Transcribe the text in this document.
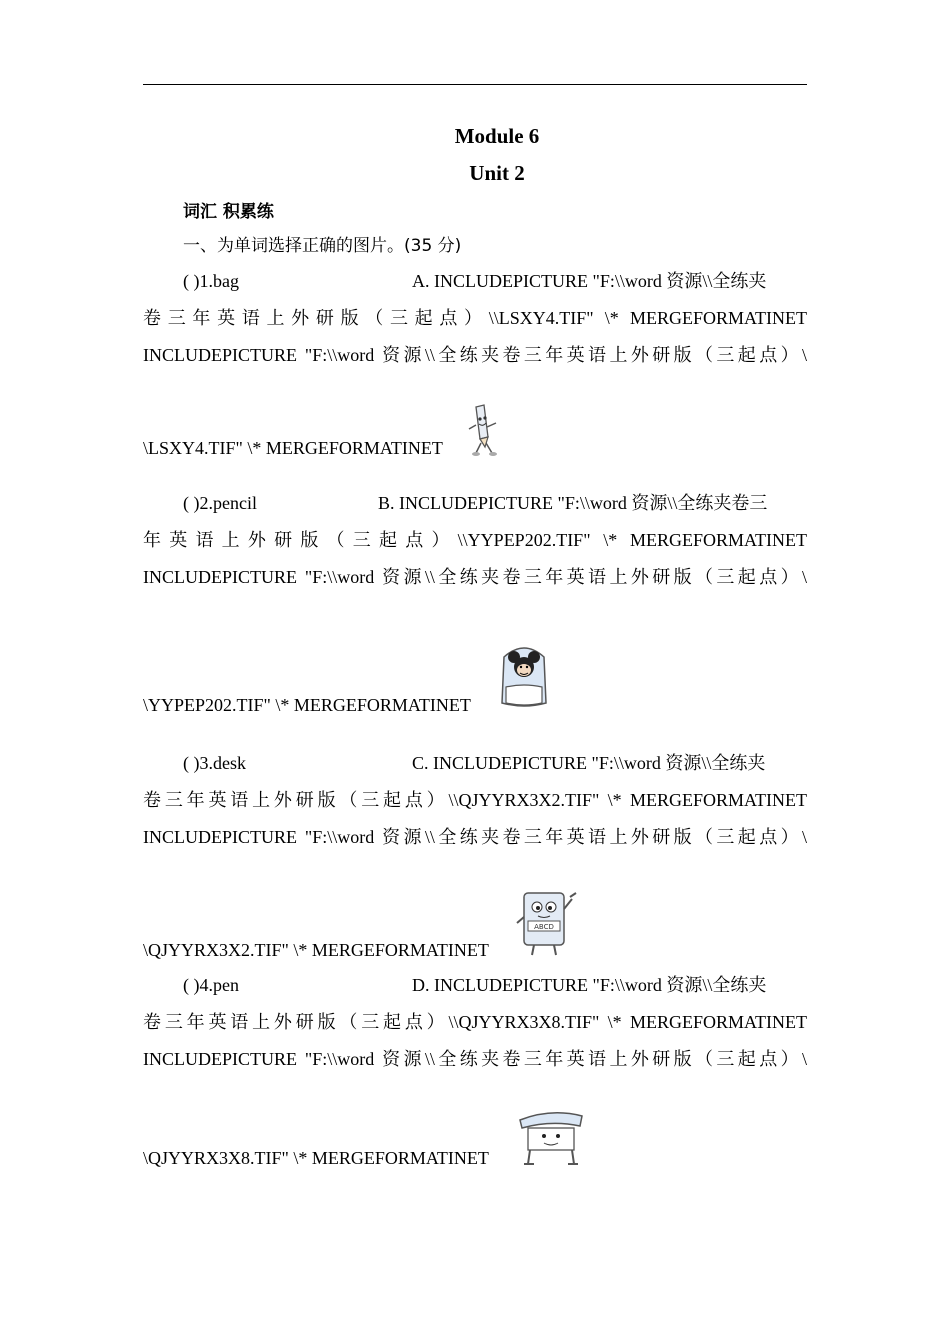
Module 6
Unit 2
词汇 积累练
一、为单词选择正确的图片。(35 分)
( )1.bag	A. INCLUDEPICTURE "F:\\word 资源\\全练夹
卷三年英语上外研版（三起点）\\LSXY4.TIF" \* MERGEFORMATINET
INCLUDEPICTURE "F:\\word 资源\\全练夹卷三年英语上外研版（三起点）\
\LSXY4.TIF" \* MERGEFORMATINET
( )2.pencil	B. INCLUDEPICTURE "F:\\word 资源\\全练夹卷三
年英语上外研版（三起点）\\YYPEP202.TIF" \* MERGEFORMATINET
INCLUDEPICTURE "F:\\word 资源\\全练夹卷三年英语上外研版（三起点）\
\YYPEP202.TIF" \* MERGEFORMATINET
( )3.desk	C. INCLUDEPICTURE "F:\\word 资源\\全练夹
卷三年英语上外研版（三起点）\\QJYYRX3X2.TIF" \* MERGEFORMATINET
INCLUDEPICTURE "F:\\word 资源\\全练夹卷三年英语上外研版（三起点）\
\QJYYRX3X2.TIF" \* MERGEFORMATINET
ABCD
( )4.pen	D. INCLUDEPICTURE "F:\\word 资源\\全练夹
卷三年英语上外研版（三起点）\\QJYYRX3X8.TIF" \* MERGEFORMATINET
INCLUDEPICTURE "F:\\word 资源\\全练夹卷三年英语上外研版（三起点）\
\QJYYRX3X8.TIF" \* MERGEFORMATINET
